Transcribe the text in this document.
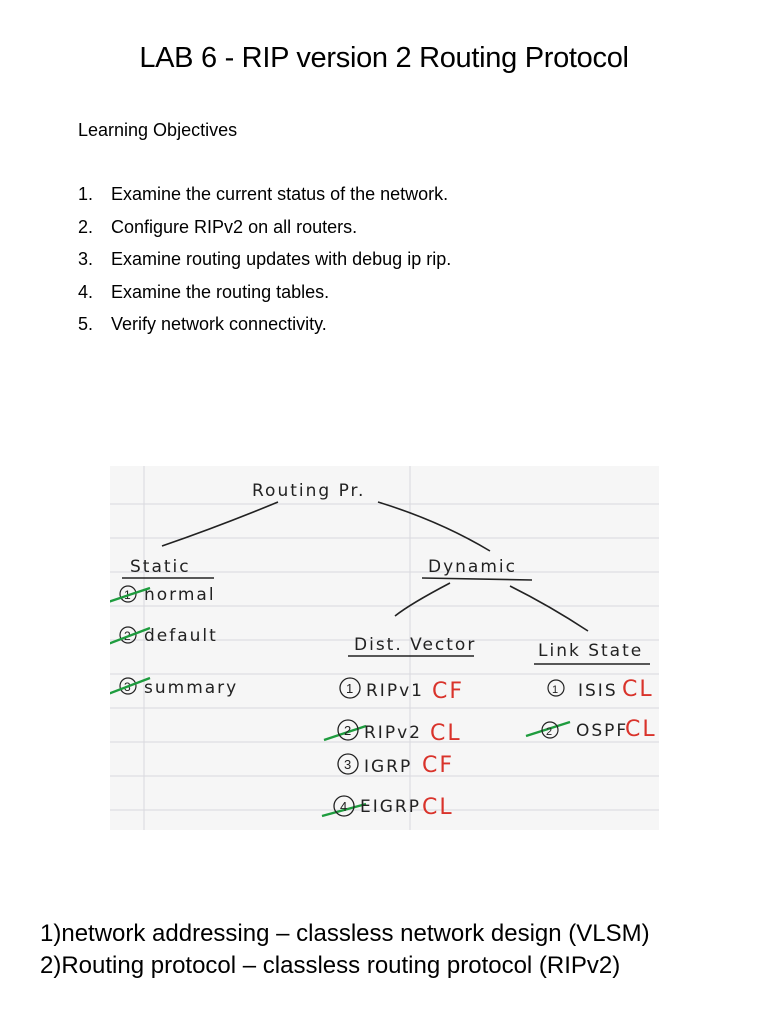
LAB 6 - RIP version 2 Routing Protocol
Learning Objectives
1. Examine the current status of the network.
2. Configure RIPv2 on all routers.
3. Examine routing updates with debug ip rip.
4. Examine the routing tables.
5. Verify network connectivity.
Routing Pr.
Static	Dynamic
Dist. Vector	Link State
1 normal
2 default
3 summary	1 RIPv1 CF
2 RIPv2 CL
3 IGRP CF
4 EIGRP CL
1 ISIS CL
2 OSPF
CL
1)network addressing – classless network design (VLSM)
2)Routing protocol – classless routing protocol (RIPv2)
